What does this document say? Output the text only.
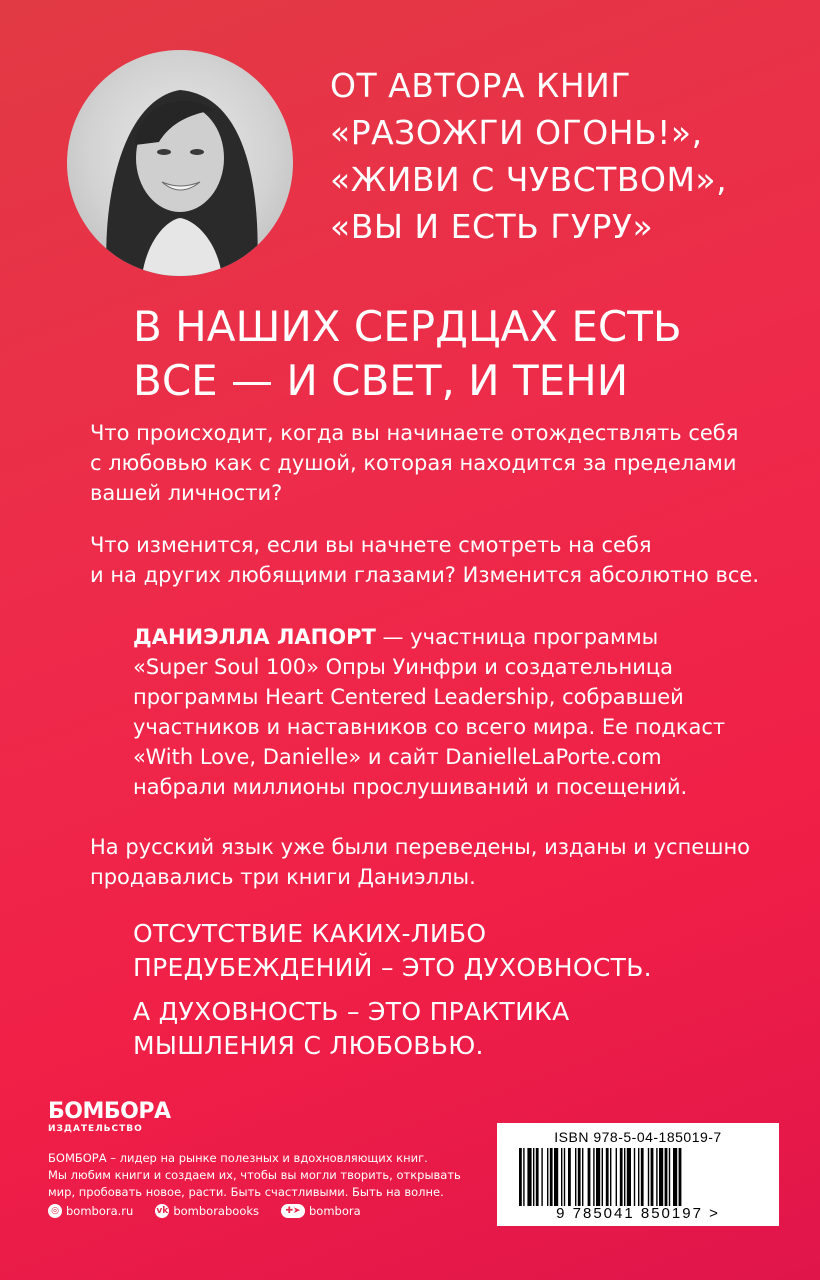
ОТ АВТОРА КНИГ
«РАЗОЖГИ ОГОНЬ!»,
«ЖИВИ С ЧУВСТВОМ»,
«ВЫ И ЕСТЬ ГУРУ»
В НАШИХ СЕРДЦАХ ЕСТЬ
ВСЕ — И СВЕТ, И ТЕНИ
Что происходит, когда вы начинаете отождествлять себя
с любовью как с душой, которая находится за пределами
вашей личности?
Что изменится, если вы начнете смотреть на себя
и на других любящими глазами? Изменится абсолютно все.
ДАНИЭЛЛА ЛАПОРТ — участница программы
«Super Soul 100» Опры Уинфри и создательница
программы Heart Centered Leadership, собравшей
участников и наставников со всего мира. Ее подкаст
«With Love, Danielle» и сайт DanielleLaPorte.com
набрали миллионы прослушиваний и посещений.
На русский язык уже были переведены, изданы и успешно
продавались три книги Даниэллы.
ОТСУТСТВИЕ КАКИХ-ЛИБО
ПРЕДУБЕЖДЕНИЙ – ЭТО ДУХОВНОСТЬ.
А ДУХОВНОСТЬ – ЭТО ПРАКТИКА
МЫШЛЕНИЯ С ЛЮБОВЬЮ.
БОМБОРА
ИЗДАТЕЛЬСТВО
БОМБОРА – лидер на рынке полезных и вдохновляющих книг.
Мы любим книги и создаем их, чтобы вы могли творить, открывать
мир, пробовать новое, расти. Быть счастливыми. Быть на волне.
◎ bombora.ru	vk bomborabooks	✚➤ bombora
ISBN 978-5-04-185019-7
9 785041 850197 >
